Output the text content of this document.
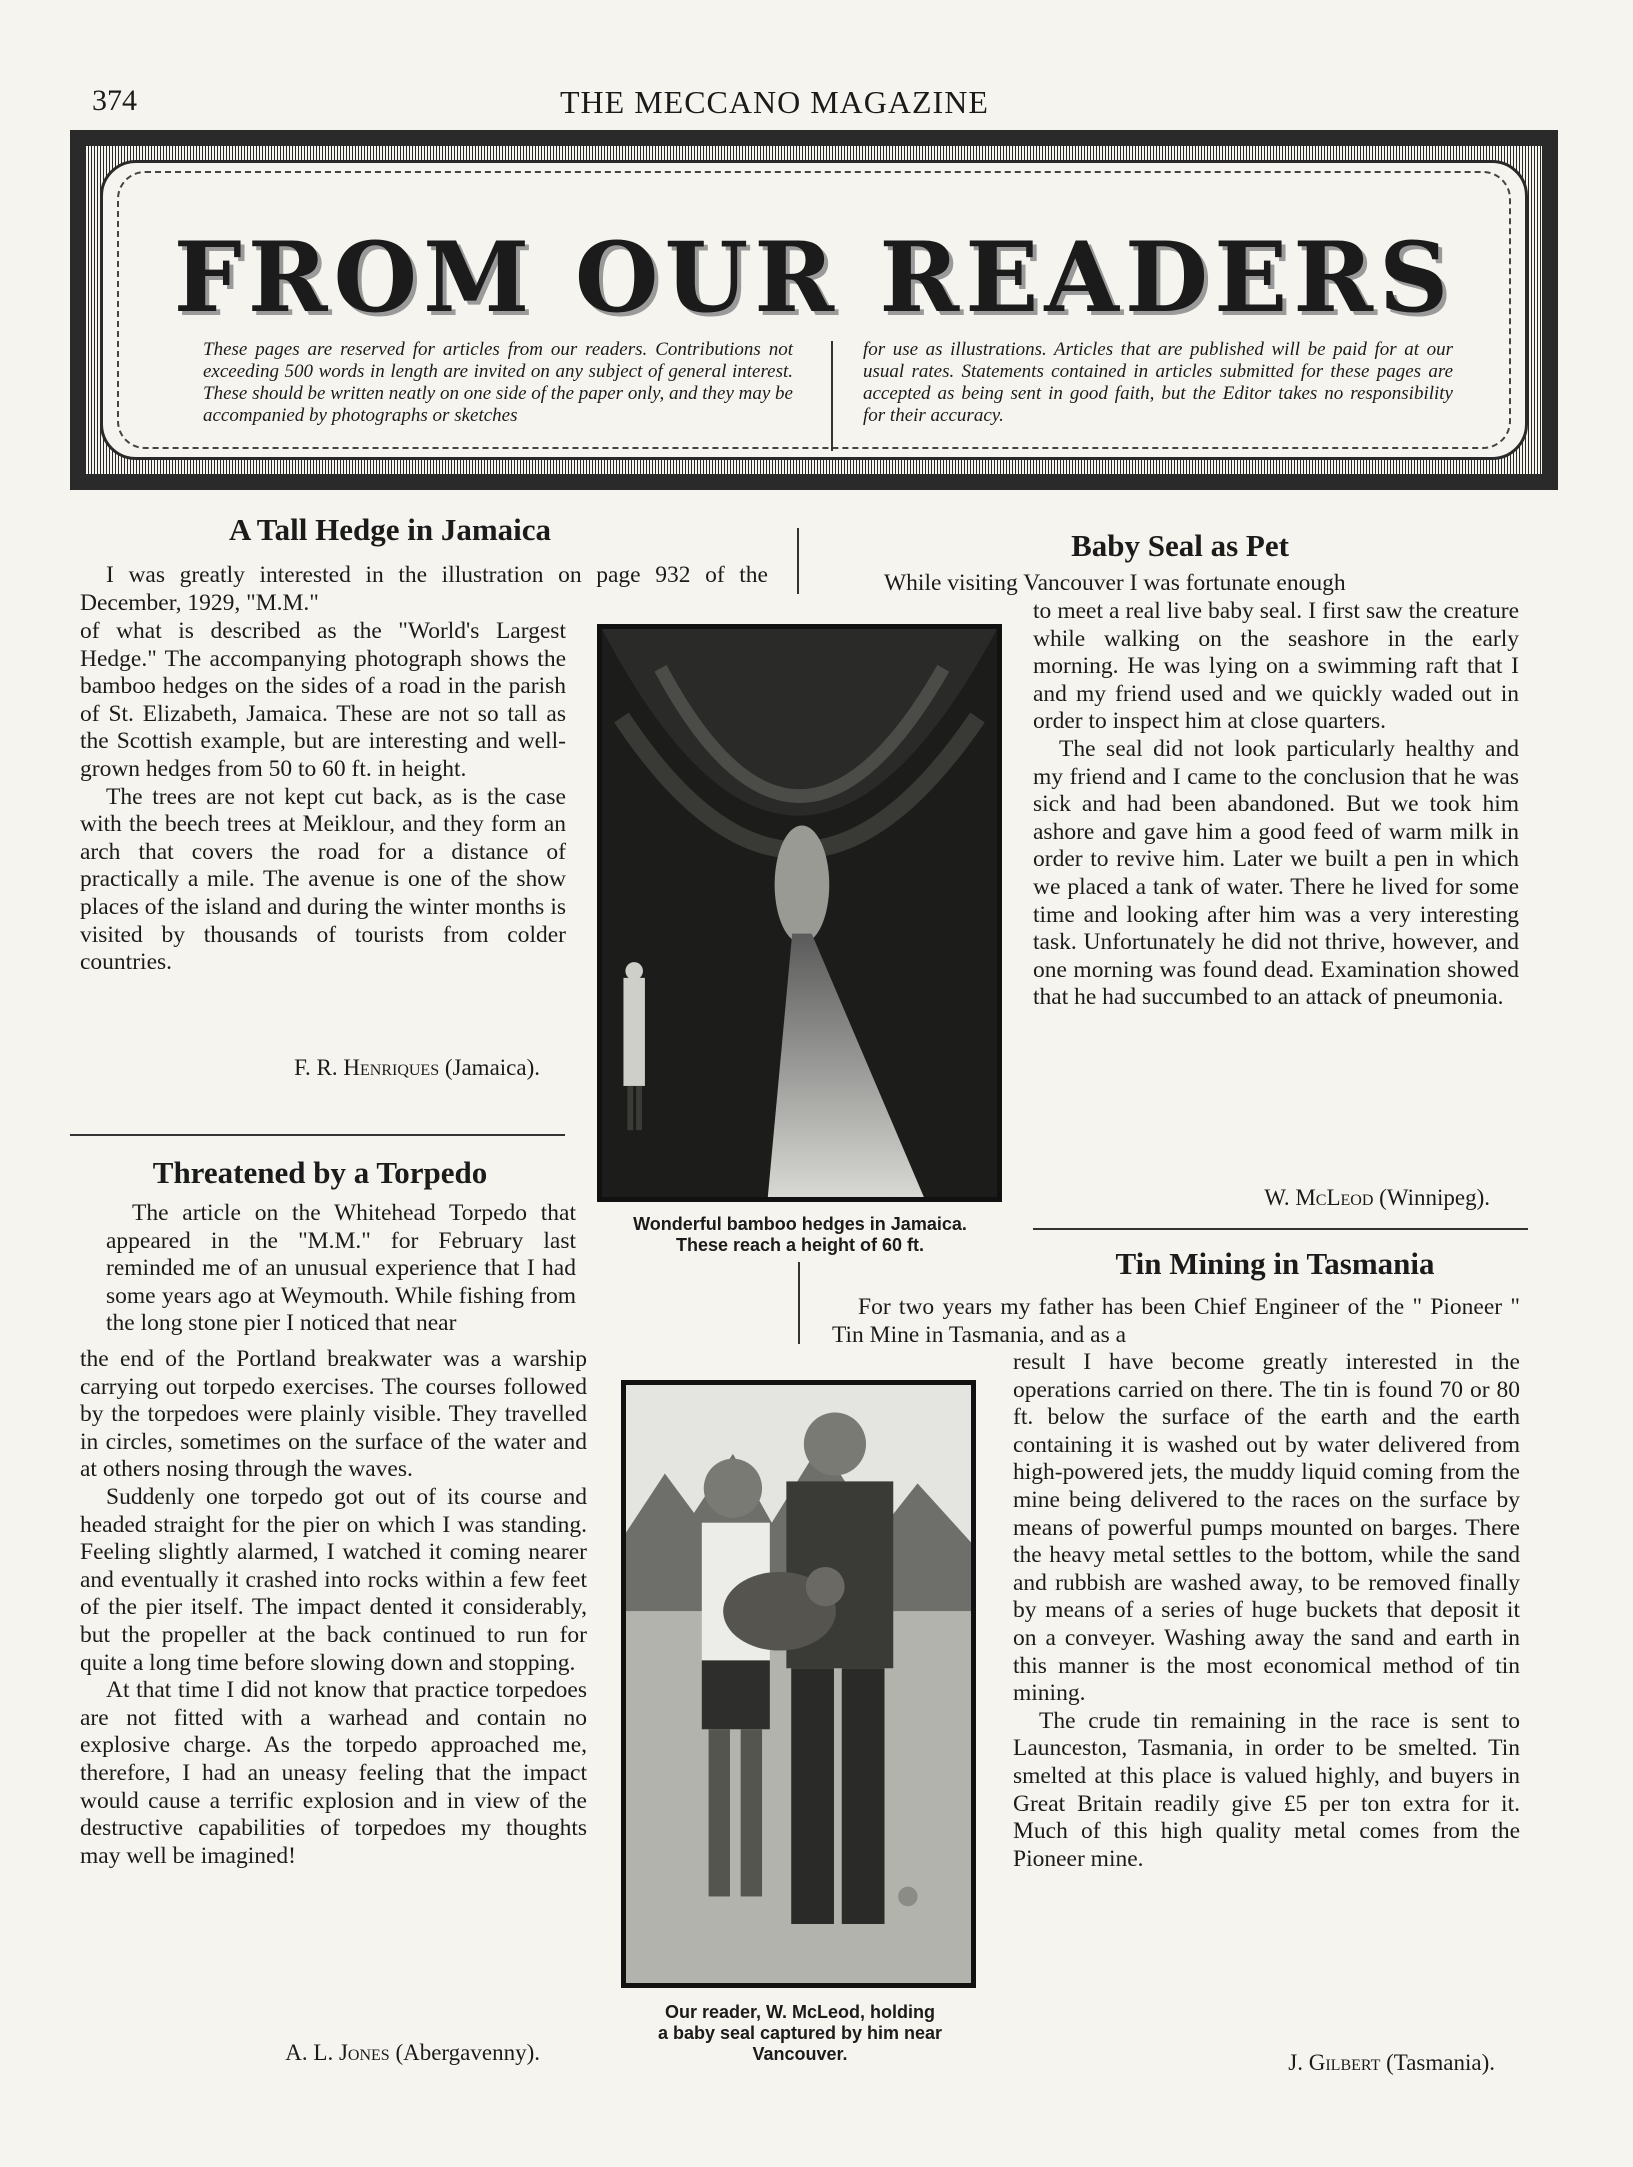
374	THE MECCANO MAGAZINE
FROM OUR READERS
These pages are reserved for articles from our readers. Contributions not exceeding 500 words in length are invited on any subject of general interest. These should be written neatly on one side of the paper only, and they may be accompanied by photographs or sketches
for use as illustrations. Articles that are published will be paid for at our usual rates. Statements contained in articles submitted for these pages are accepted as being sent in good faith, but the Editor takes no responsibility for their accuracy.
A Tall Hedge in Jamaica

I was greatly interested in the illustration on page 932 of the December, 1929, "M.M."

of what is described as the "World's Largest Hedge." The accompanying photograph shows the bamboo hedges on the sides of a road in the parish of St. Elizabeth, Jamaica. These are not so tall as the Scottish example, but are interesting and well-grown hedges from 50 to 60 ft. in height.

The trees are not kept cut back, as is the case with the beech trees at Meiklour, and they form an arch that covers the road for a distance of practically a mile. The avenue is one of the show places of the island and during the winter months is visited by thousands of tourists from colder countries.

F. R. Henriques (Jamaica).
Wonderful bamboo hedges in Jamaica.
These reach a height of 60 ft.
Threatened by a Torpedo

The article on the Whitehead Torpedo that appeared in the "M.M." for February last reminded me of an unusual experience that I had some years ago at Weymouth. While fishing from the long stone pier I noticed that near

the end of the Portland breakwater was a warship carrying out torpedo exercises. The courses followed by the torpedoes were plainly visible. They travelled in circles, sometimes on the surface of the water and at others nosing through the waves.

Suddenly one torpedo got out of its course and headed straight for the pier on which I was standing. Feeling slightly alarmed, I watched it coming nearer and eventually it crashed into rocks within a few feet of the pier itself. The impact dented it considerably, but the propeller at the back continued to run for quite a long time before slowing down and stopping.

At that time I did not know that practice torpedoes are not fitted with a warhead and contain no explosive charge. As the torpedo approached me, therefore, I had an uneasy feeling that the impact would cause a terrific explosion and in view of the destructive capabilities of torpedoes my thoughts may well be imagined!

A. L. Jones (Abergavenny).
Our reader, W. McLeod, holding
a baby seal captured by him near
Vancouver.
Baby Seal as Pet

While visiting Vancouver I was fortunate enough

to meet a real live baby seal. I first saw the creature while walking on the seashore in the early morning. He was lying on a swimming raft that I and my friend used and we quickly waded out in order to inspect him at close quarters.

The seal did not look particularly healthy and my friend and I came to the conclusion that he was sick and had been abandoned. But we took him ashore and gave him a good feed of warm milk in order to revive him. Later we built a pen in which we placed a tank of water. There he lived for some time and looking after him was a very interesting task. Unfortunately he did not thrive, however, and one morning was found dead. Examination showed that he had succumbed to an attack of pneumonia.

W. McLeod (Winnipeg).
Tin Mining in Tasmania

For two years my father has been Chief Engineer of the " Pioneer " Tin Mine in Tasmania, and as a

result I have become greatly interested in the operations carried on there. The tin is found 70 or 80 ft. below the surface of the earth and the earth containing it is washed out by water delivered from high-powered jets, the muddy liquid coming from the mine being delivered to the races on the surface by means of powerful pumps mounted on barges. There the heavy metal settles to the bottom, while the sand and rubbish are washed away, to be removed finally by means of a series of huge buckets that deposit it on a conveyer. Washing away the sand and earth in this manner is the most economical method of tin mining.

The crude tin remaining in the race is sent to Launceston, Tasmania, in order to be smelted. Tin smelted at this place is valued highly, and buyers in Great Britain readily give £5 per ton extra for it. Much of this high quality metal comes from the Pioneer mine.

J. Gilbert (Tasmania).
